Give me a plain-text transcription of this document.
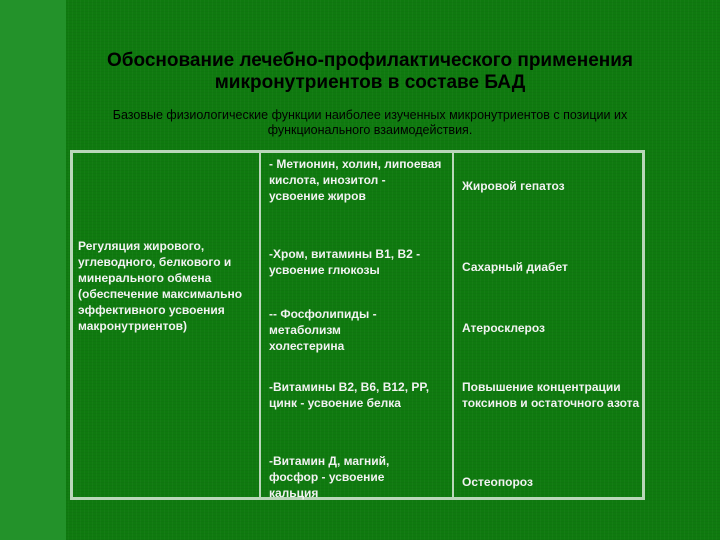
Обоснование лечебно-профилактического применения
микронутриентов в составе БАД
Базовые физиологические функции наиболее изученных микронутриентов с позиции их
функционального взаимодействия.
Регуляция жирового, углеводного, белкового и минерального обмена (обеспечение максимально эффективного усвоения макронутриентов)
- Метионин, холин, липоевая кислота, инозитол - усвоение жиров
Жировой гепатоз
-Хром, витамины В1, В2 - усвоение глюкозы	Сахарный диабет
-- Фосфолипиды - метаболизм холестерина
Атеросклероз
-Витамины В2, В6, В12, РР, цинк - усвоение белка
Повышение концентрации токсинов и остаточного азота
-Витамин Д, магний, фосфор - усвоение кальция
Остеопороз
